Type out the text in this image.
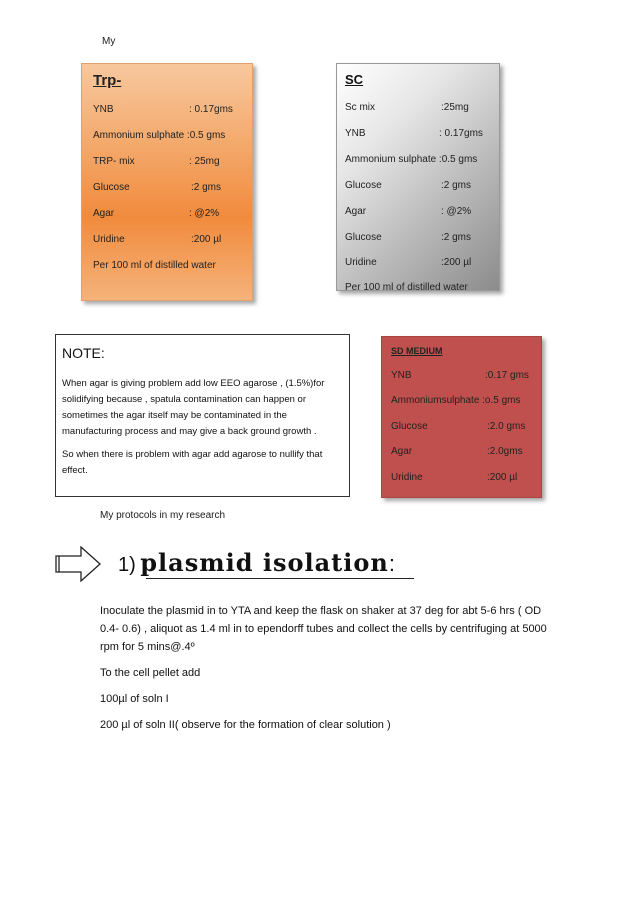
My
Trp-
YNB	: 0.17gms
Ammonium sulphate :0.5 gms
TRP- mix	: 25mg
Glucose	:2 gms
Agar	: @2%
Uridine	:200 µl
Per 100 ml of distilled water
SC
Sc mix	:25mg
YNB	: 0.17gms
Ammonium sulphate :0.5 gms
Glucose	:2 gms
Agar	: @2%
Glucose	:2 gms
Uridine	:200 µl
Per 100 ml of distilled water
NOTE:
When agar is giving problem add low EEO agarose , (1.5%)for solidifying because , spatula contamination can happen or sometimes the agar itself may be contaminated in the manufacturing process and may give a back ground growth .
So when there is problem with agar add agarose to nullify that effect.
SD MEDIUM
YNB	:0.17 gms
Ammoniumsulphate :o.5 gms
Glucose	:2.0 gms
Agar	:2.0gms
Uridine	:200 µl
My protocols in my research
1) plasmid isolation:
Inoculate the plasmid in to YTA and keep the flask on shaker at 37 deg for abt 5-6 hrs ( OD 0.4- 0.6) , aliquot as 1.4 ml in to ependorff tubes and collect the cells by centrifuging at 5000 rpm for 5 mins@.4º
To the cell pellet add
100µl of soln I
200 µl of soln II( observe for the formation of clear solution )
